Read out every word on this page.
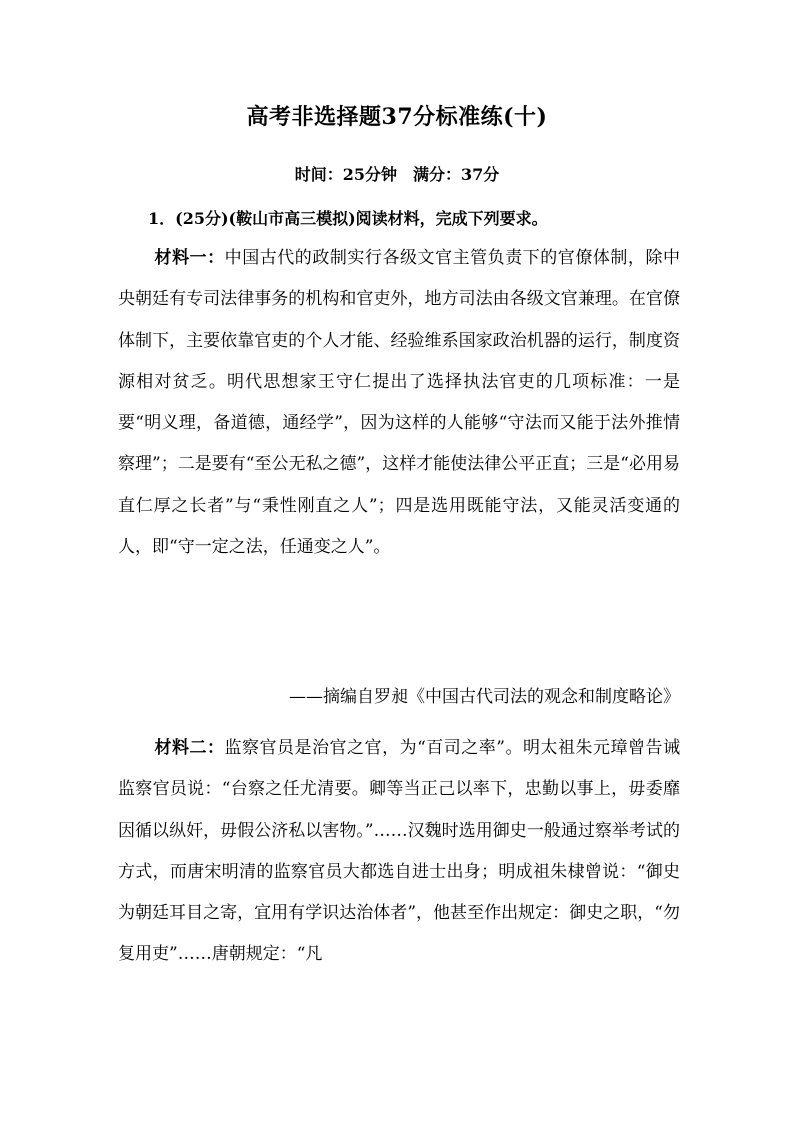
高考非选择题37分标准练(十)
时间：25分钟　满分：37分
1．(25分)(鞍山市高三模拟)阅读材料，完成下列要求。
材料一：中国古代的政制实行各级文官主管负责下的官僚体制，除中央朝廷有专司法律事务的机构和官吏外，地方司法由各级文官兼理。在官僚体制下，主要依靠官吏的个人才能、经验维系国家政治机器的运行，制度资源相对贫乏。明代思想家王守仁提出了选择执法官吏的几项标准：一是要“明义理，备道德，通经学”，因为这样的人能够“守法而又能于法外推情察理”；二是要有“至公无私之德”，这样才能使法律公平正直；三是“必用易直仁厚之长者”与“秉性刚直之人”；四是选用既能守法，又能灵活变通的人，即“守一定之法，任通变之人”。
——摘编自罗昶《中国古代司法的观念和制度略论》
材料二：监察官员是治官之官，为“百司之率”。明太祖朱元璋曾告诫监察官员说：“台察之任尤清要。卿等当正己以率下，忠勤以事上，毋委靡因循以纵奸，毋假公济私以害物。”……汉魏时选用御史一般通过察举考试的方式，而唐宋明清的监察官员大都选自进士出身；明成祖朱棣曾说：“御史为朝廷耳目之寄，宜用有学识达治体者”，他甚至作出规定：御史之职，“勿复用吏”……唐朝规定：“凡
